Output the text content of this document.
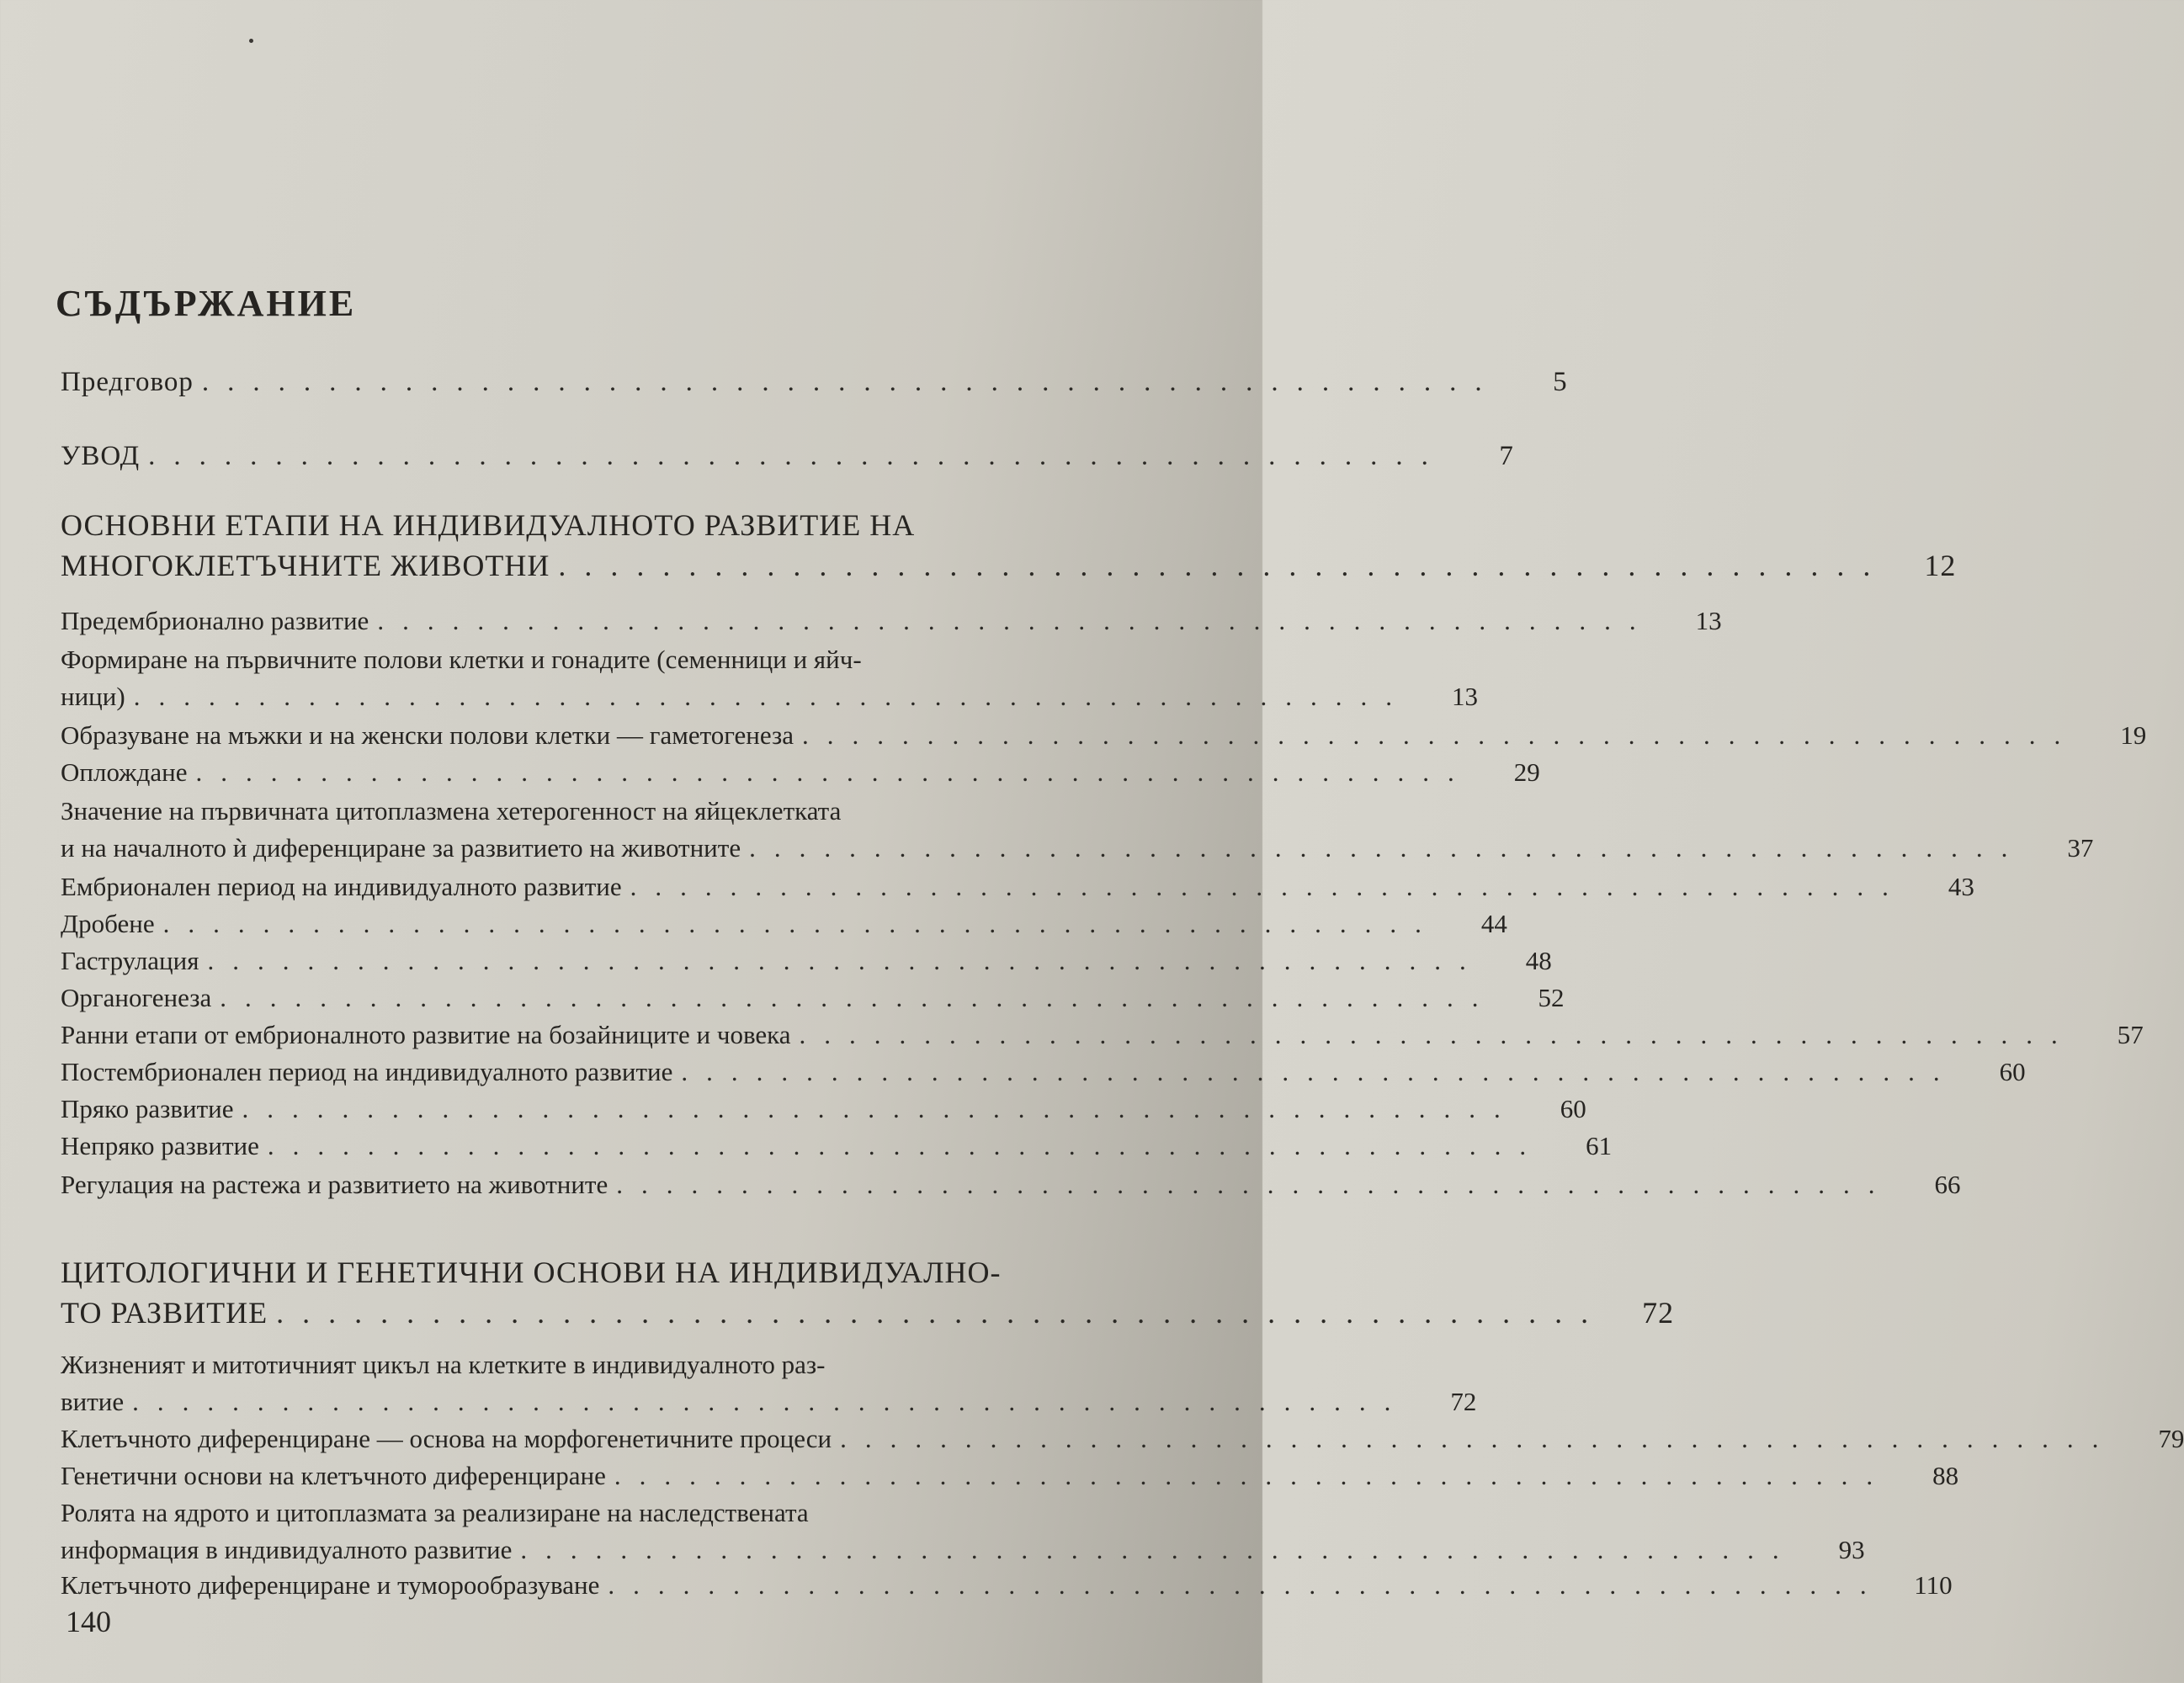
СЪДЪРЖАНИЕ
Предговор ...................................................	5
УВОД ...................................................	7
ОСНОВНИ ЕТАПИ НА ИНДИВИДУАЛНОТО РАЗВИТИЕ НА
МНОГОКЛЕТЪЧНИТЕ ЖИВОТНИ ...................................................	12
Предембрионално развитие ...................................................	13
Формиране на първичните полови клетки и гонадите (семенници и яйч-
ници) ...................................................	13
Образуване на мъжки и на женски полови клетки — гаметогенеза ...................................................	19
Оплождане ...................................................	29
Значение на първичната цитоплазмена хетерогенност на яйцеклетката
и на началното ѝ диференциране за развитието на животните ...................................................	37
Ембрионален период на индивидуалното развитие ...................................................	43
Дробене ...................................................	44
Гаструлация ...................................................	48
Органогенеза ...................................................	52
Ранни етапи от ембрионалното развитие на бозайниците и човека ...................................................	57
Постембрионален период на индивидуалното развитие ...................................................	60
Пряко развитие ...................................................	60
Непряко развитие ...................................................	61
Регулация на растежа и развитието на животните ...................................................	66
ЦИТОЛОГИЧНИ И ГЕНЕТИЧНИ ОСНОВИ НА ИНДИВИДУАЛНО-
ТО РАЗВИТИЕ ...................................................	72
Жизненият и митотичният цикъл на клетките в индивидуалното раз-
витие ...................................................	72
Клетъчното диференциране — основа на морфогенетичните процеси ...................................................	79
Генетични основи на клетъчното диференциране ...................................................	88
Ролята на ядрото и цитоплазмата за реализиране на наследствената
информация в индивидуалното развитие ...................................................	93
Клетъчното диференциране и туморообразуване ...................................................	110
140
